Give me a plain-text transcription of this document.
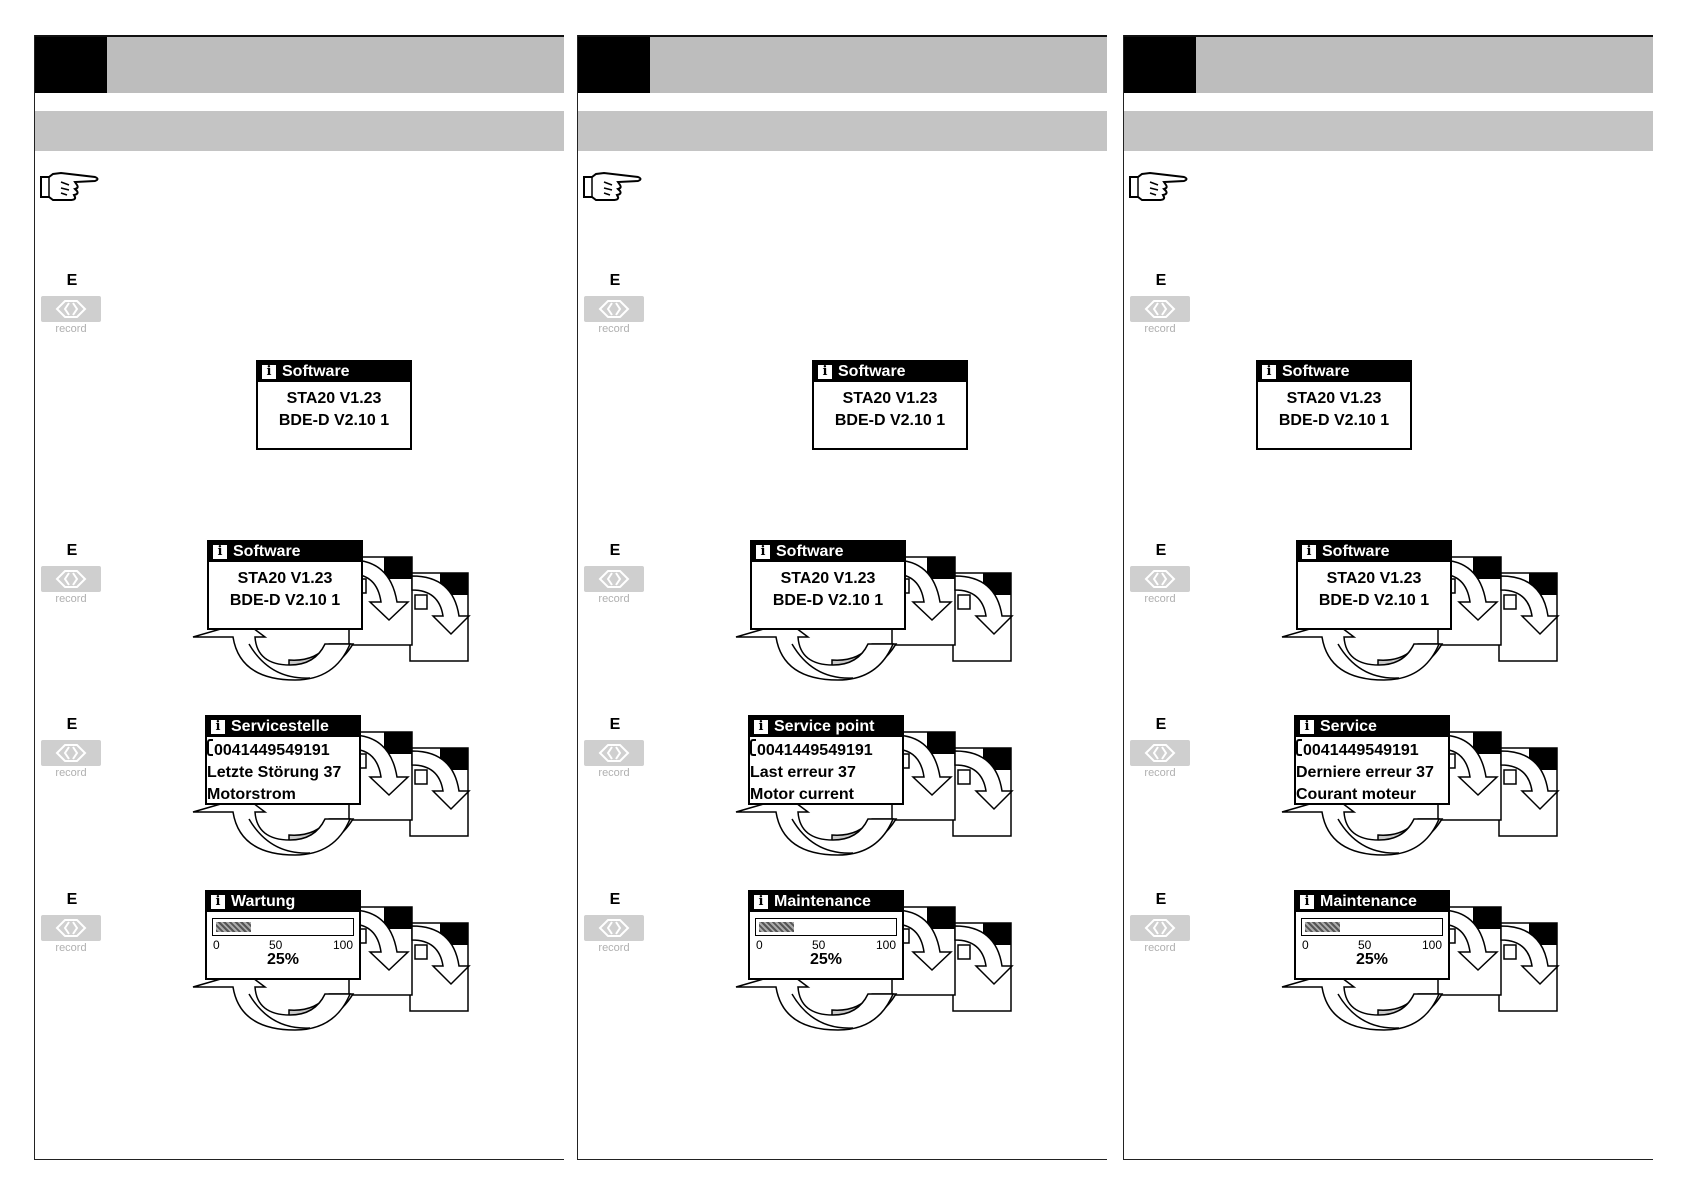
E
record
i Software
STA20 V1.23
BDE-D V2.10 1
E
record
i Software
STA20 V1.23
BDE-D V2.10 1
E
record
i Servicestelle
0041449549191
Letzte Störung 37
Motorstrom
E
record
i Wartung
0	50	100
25%
E
record
i Software
STA20 V1.23
BDE-D V2.10 1
E
record
i Software
STA20 V1.23
BDE-D V2.10 1
E
record
i Service point
0041449549191
Last erreur 37
Motor current
E
record
i Maintenance
0	50	100
25%
E
record
i Software
STA20 V1.23
BDE-D V2.10 1
E
record
i Software
STA20 V1.23
BDE-D V2.10 1
E
record
i Service
0041449549191
Derniere erreur 37
Courant moteur
E
record
i Maintenance
0	50	100
25%
